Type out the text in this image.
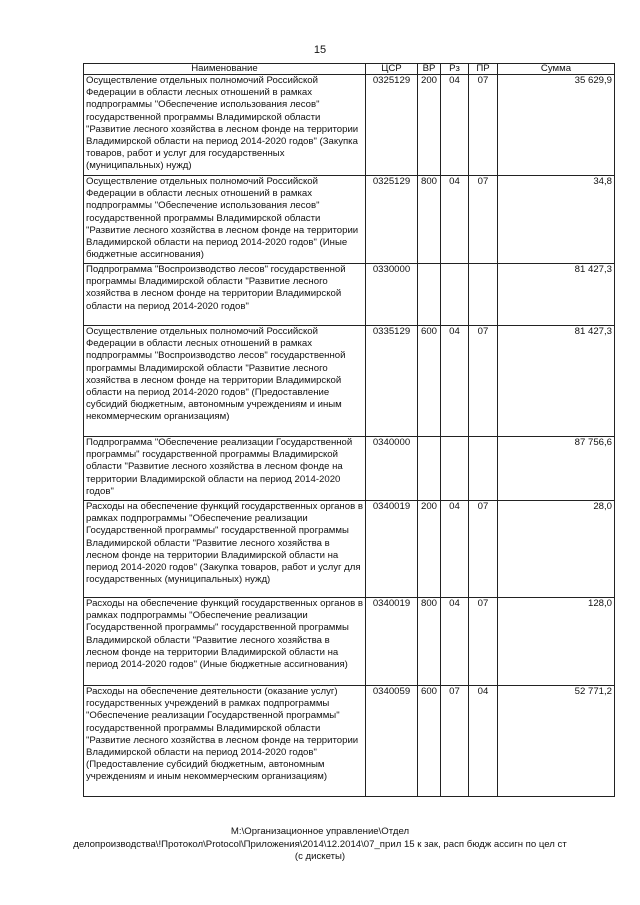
15
Наименование	ЦСР	ВР	Рз	ПР	Сумма
Осуществление отдельных полномочий Российской Федерации в области лесных отношений в рамках подпрограммы "Обеспечение использования лесов" государственной программы Владимирской области "Развитие лесного хозяйства в лесном фонде на территории Владимирской области на период 2014-2020 годов" (Закупка товаров, работ и услуг для государственных (муниципальных) нужд)	0325129	200	04	07	35 629,9
Осуществление отдельных полномочий Российской Федерации в области лесных отношений в рамках подпрограммы "Обеспечение использования лесов" государственной программы Владимирской области "Развитие лесного хозяйства в лесном фонде на территории Владимирской области на период 2014-2020 годов" (Иные бюджетные ассигнования)	0325129	800	04	07	34,8
Подпрограмма "Воспроизводство лесов" государственной программы Владимирской области "Развитие лесного хозяйства в лесном фонде на территории Владимирской области на период 2014-2020 годов"	0330000				81 427,3
Осуществление отдельных полномочий Российской Федерации в области лесных отношений в рамках подпрограммы "Воспроизводство лесов" государственной программы Владимирской области "Развитие лесного хозяйства в лесном фонде на территории Владимирской области на период 2014-2020 годов" (Предоставление субсидий бюджетным, автономным учреждениям и иным некоммерческим организациям)	0335129	600	04	07	81 427,3
Подпрограмма "Обеспечение реализации Государственной программы" государственной программы Владимирской области "Развитие лесного хозяйства в лесном фонде на территории Владимирской области на период 2014-2020 годов"	0340000				87 756,6
Расходы на обеспечение функций государственных органов в рамках подпрограммы "Обеспечение реализации Государственной программы" государственной программы Владимирской области "Развитие лесного хозяйства в лесном фонде на территории Владимирской области на период 2014-2020 годов" (Закупка товаров, работ и услуг для государственных (муниципальных) нужд)	0340019	200	04	07	28,0
Расходы на обеспечение функций государственных органов в рамках подпрограммы "Обеспечение реализации Государственной программы" государственной программы Владимирской области "Развитие лесного хозяйства в лесном фонде на территории Владимирской области на период 2014-2020 годов" (Иные бюджетные ассигнования)	0340019	800	04	07	128,0
Расходы на обеспечение деятельности (оказание услуг) государственных учреждений в рамках подпрограммы "Обеспечение реализации Государственной программы" государственной программы Владимирской области "Развитие лесного хозяйства в лесном фонде на территории Владимирской области на период 2014-2020 годов" (Предоставление субсидий бюджетным, автономным учреждениям и иным некоммерческим организациям)	0340059	600	07	04	52 771,2
M:\Организационное управление\Отдел
делопроизводства\!Протокол\Protocol\Приложения\2014\12.2014\07_прил 15 к зак, расп бюдж ассигн по цел ст
(с дискеты)
